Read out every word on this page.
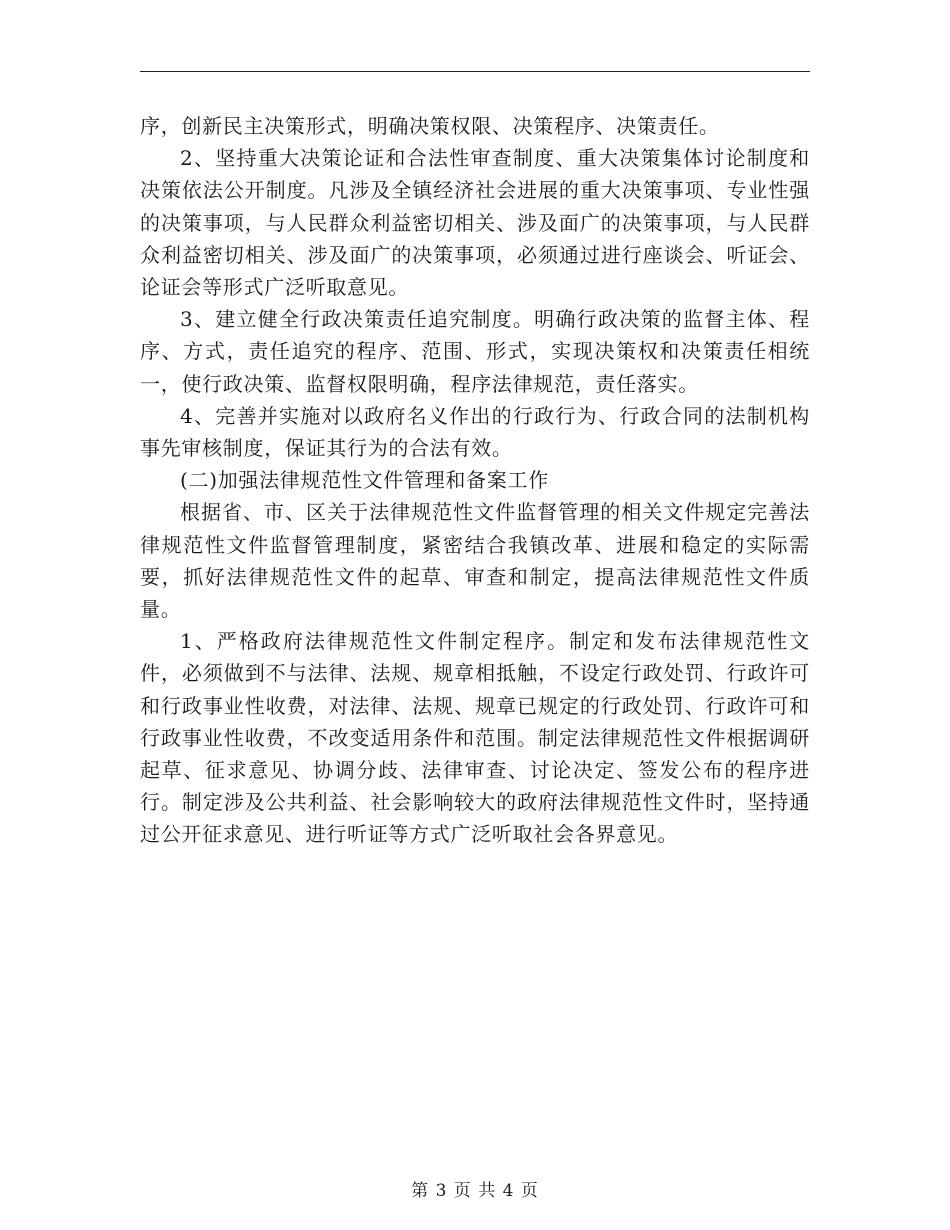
序，创新民主决策形式，明确决策权限、决策程序、决策责任。

2、坚持重大决策论证和合法性审查制度、重大决策集体讨论制度和决策依法公开制度。凡涉及全镇经济社会进展的重大决策事项、专业性强的决策事项，与人民群众利益密切相关、涉及面广的决策事项，与人民群众利益密切相关、涉及面广的决策事项，必须通过进行座谈会、听证会、论证会等形式广泛听取意见。

3、建立健全行政决策责任追究制度。明确行政决策的监督主体、程序、方式，责任追究的程序、范围、形式，实现决策权和决策责任相统一，使行政决策、监督权限明确，程序法律规范，责任落实。

4、完善并实施对以政府名义作出的行政行为、行政合同的法制机构事先审核制度，保证其行为的合法有效。

(二)加强法律规范性文件管理和备案工作

根据省、市、区关于法律规范性文件监督管理的相关文件规定完善法律规范性文件监督管理制度，紧密结合我镇改革、进展和稳定的实际需要，抓好法律规范性文件的起草、审查和制定，提高法律规范性文件质量。

1、严格政府法律规范性文件制定程序。制定和发布法律规范性文件，必须做到不与法律、法规、规章相抵触，不设定行政处罚、行政许可和行政事业性收费，对法律、法规、规章已规定的行政处罚、行政许可和行政事业性收费，不改变适用条件和范围。制定法律规范性文件根据调研起草、征求意见、协调分歧、法律审查、讨论决定、签发公布的程序进行。制定涉及公共利益、社会影响较大的政府法律规范性文件时，坚持通过公开征求意见、进行听证等方式广泛听取社会各界意见。

第 3 页 共 4 页
